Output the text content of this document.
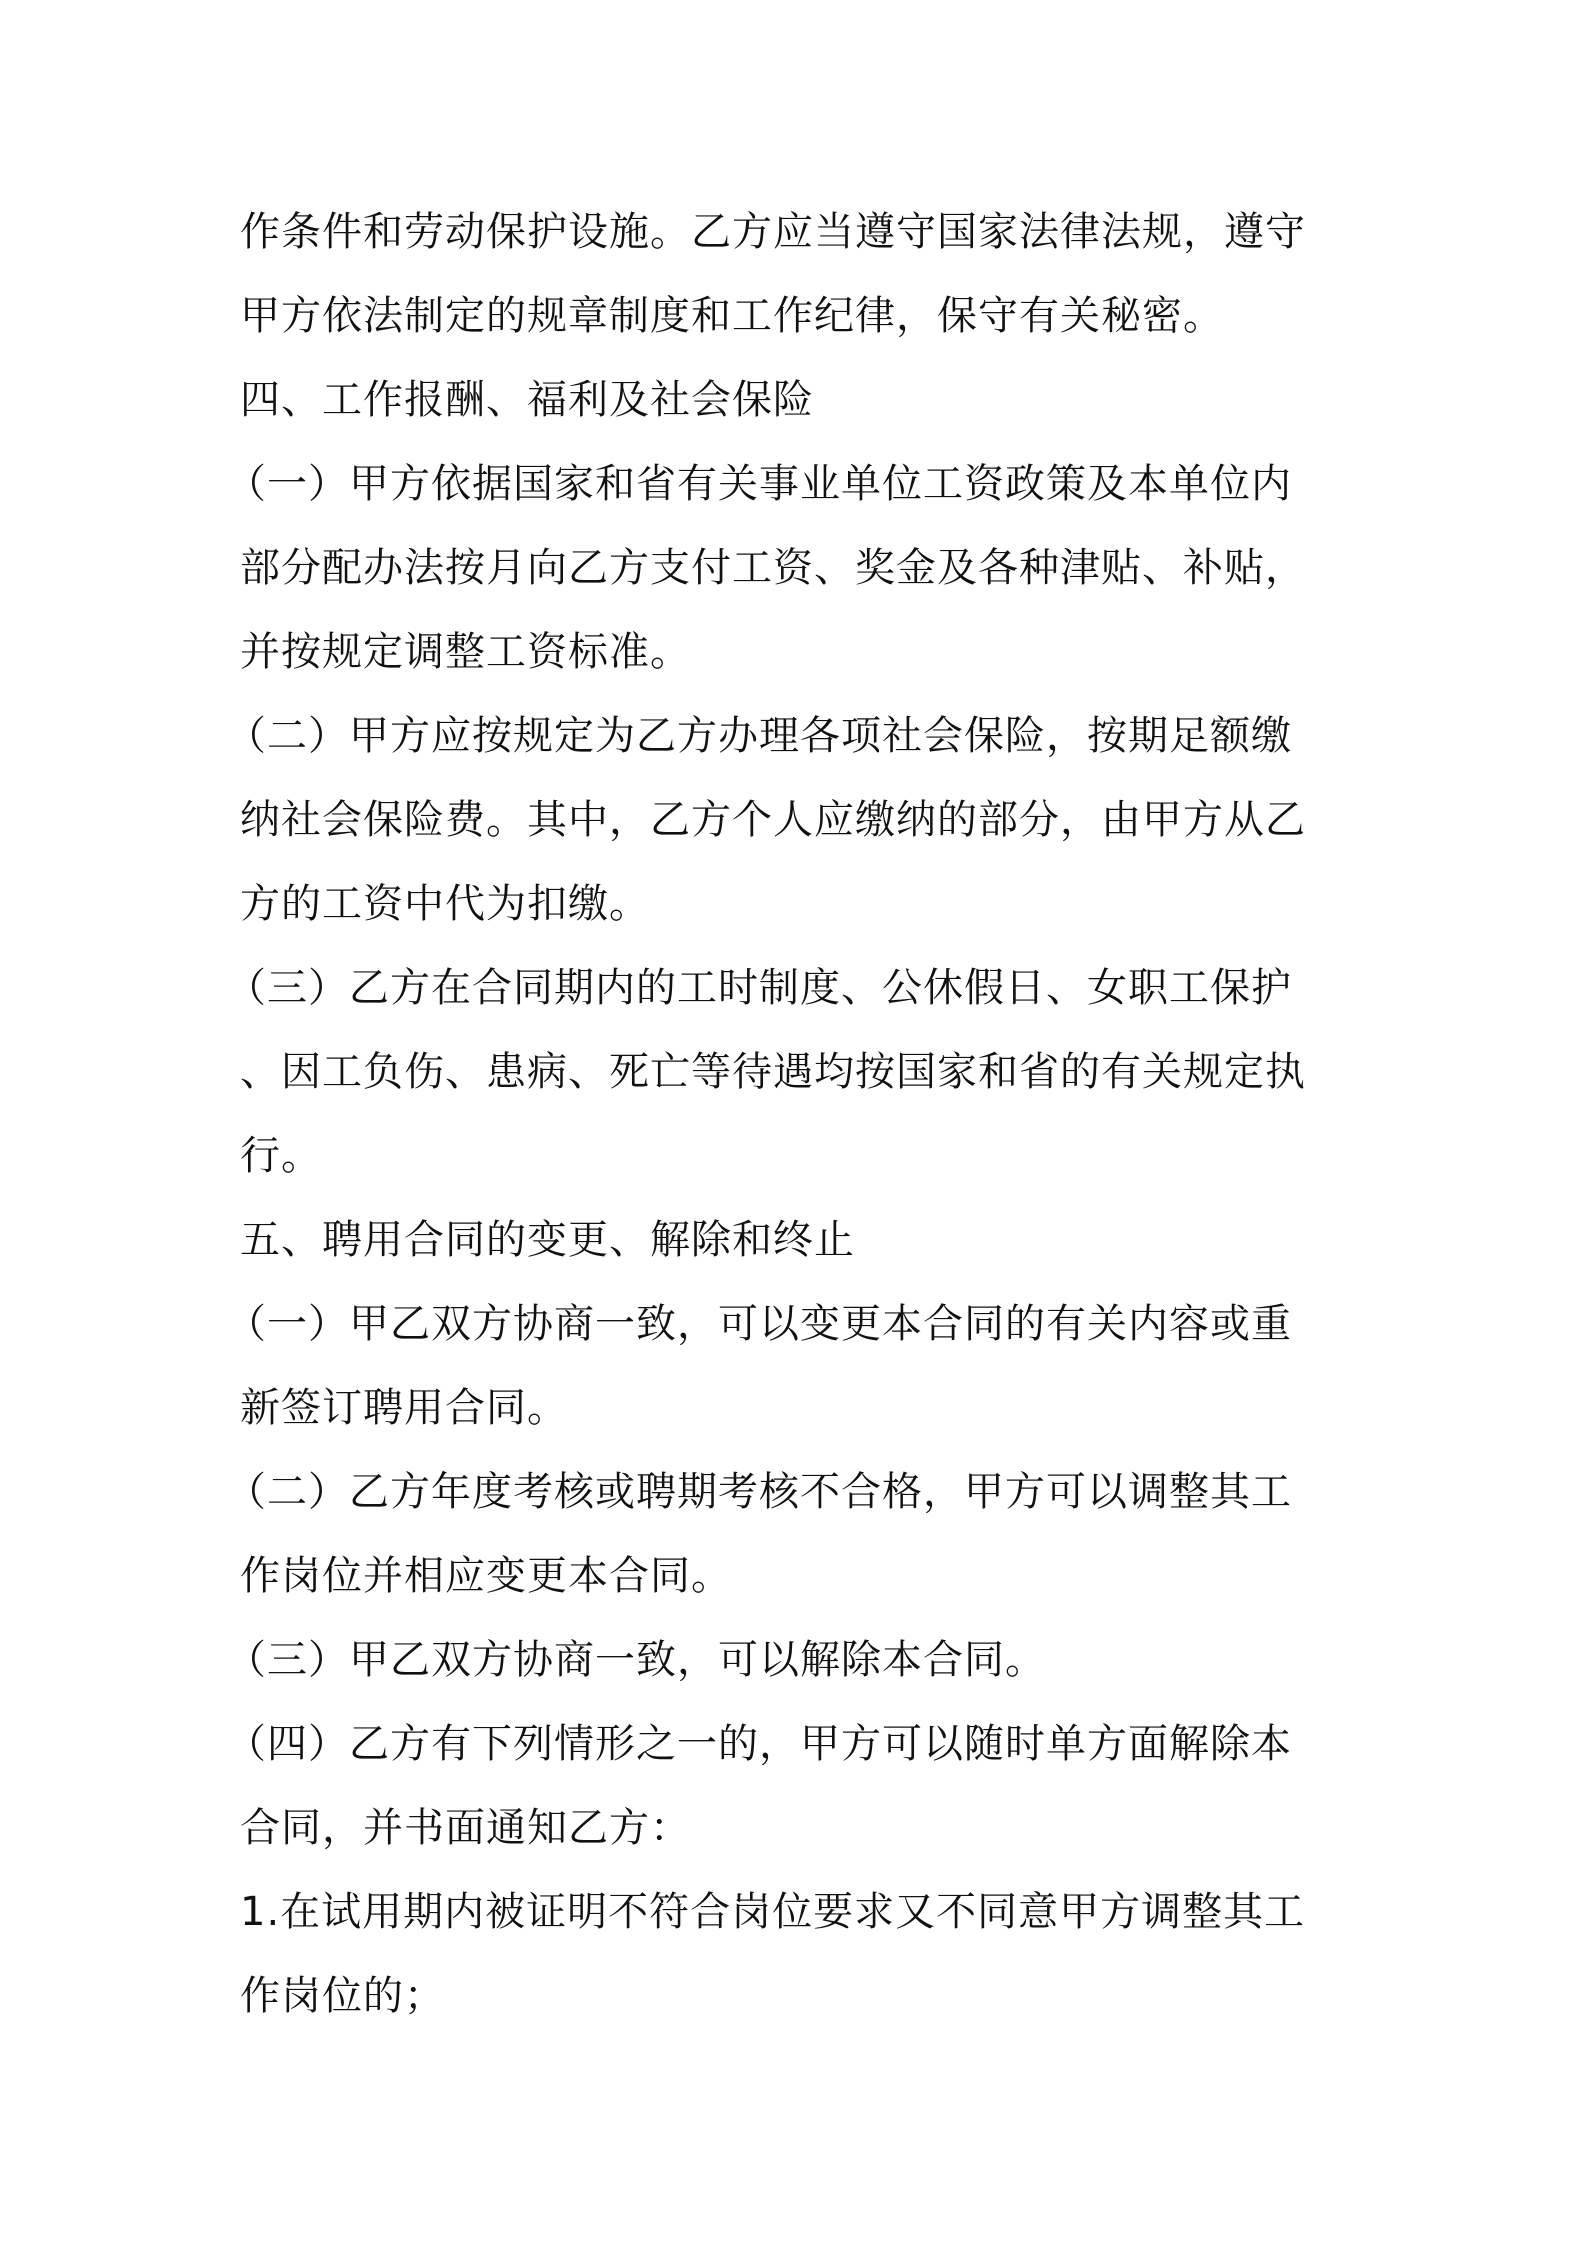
作条件和劳动保护设施。乙方应当遵守国家法律法规，遵守
甲方依法制定的规章制度和工作纪律，保守有关秘密。
四、工作报酬、福利及社会保险
（一）甲方依据国家和省有关事业单位工资政策及本单位内
部分配办法按月向乙方支付工资、奖金及各种津贴、补贴，
并按规定调整工资标准。
（二）甲方应按规定为乙方办理各项社会保险，按期足额缴
纳社会保险费。其中，乙方个人应缴纳的部分，由甲方从乙
方的工资中代为扣缴。
（三）乙方在合同期内的工时制度、公休假日、女职工保护
、因工负伤、患病、死亡等待遇均按国家和省的有关规定执
行。
五、聘用合同的变更、解除和终止
（一）甲乙双方协商一致，可以变更本合同的有关内容或重
新签订聘用合同。
（二）乙方年度考核或聘期考核不合格，甲方可以调整其工
作岗位并相应变更本合同。
（三）甲乙双方协商一致，可以解除本合同。
（四）乙方有下列情形之一的，甲方可以随时单方面解除本
合同，并书面通知乙方：
1.在试用期内被证明不符合岗位要求又不同意甲方调整其工
作岗位的；
